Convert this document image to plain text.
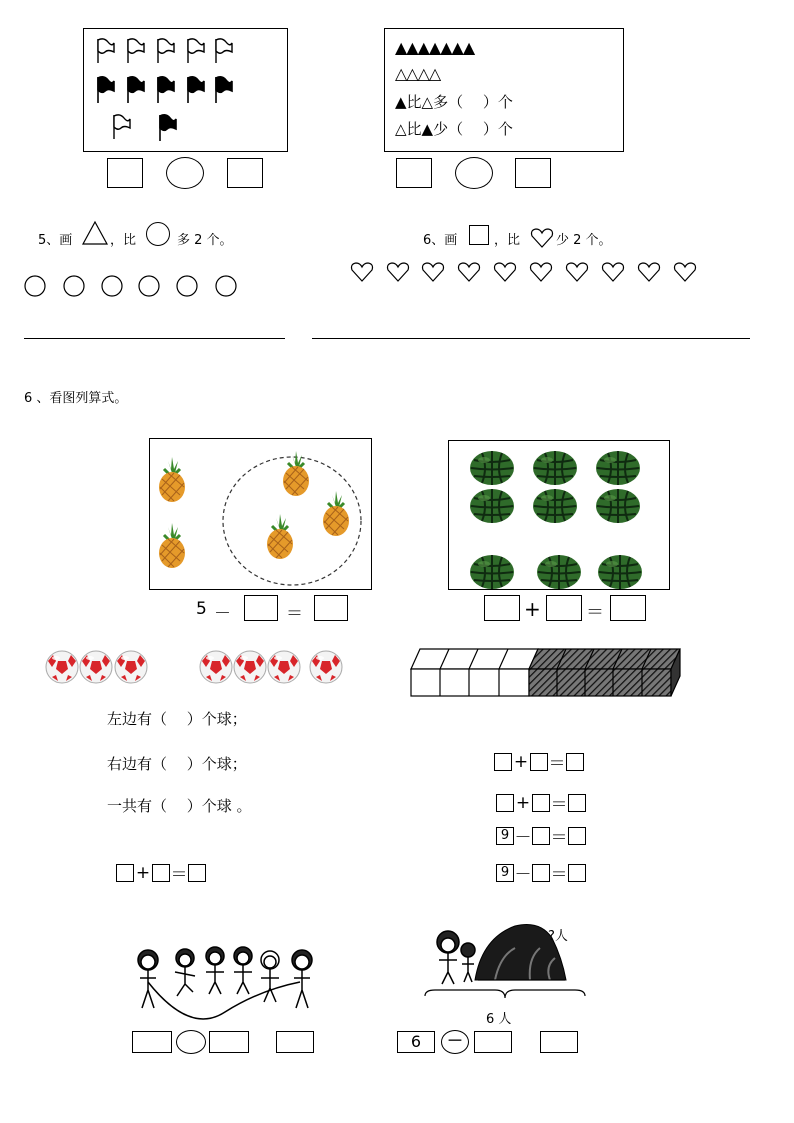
▲▲▲▲▲▲▲
△△△△
▲比△多（　 ）个
△比▲少（　 ）个
5、画	，比	多 2 个。	6、画	，比	少 2 个。
6 、看图列算式。
5 －	＝	+	＝
左边有（　 ）个球；
右边有（　 ）个球；
一共有（　 ）个球 。
+ ＝
+ ＝
+ ＝
9 － ＝
9 － ＝
?人
6 人
6	－
